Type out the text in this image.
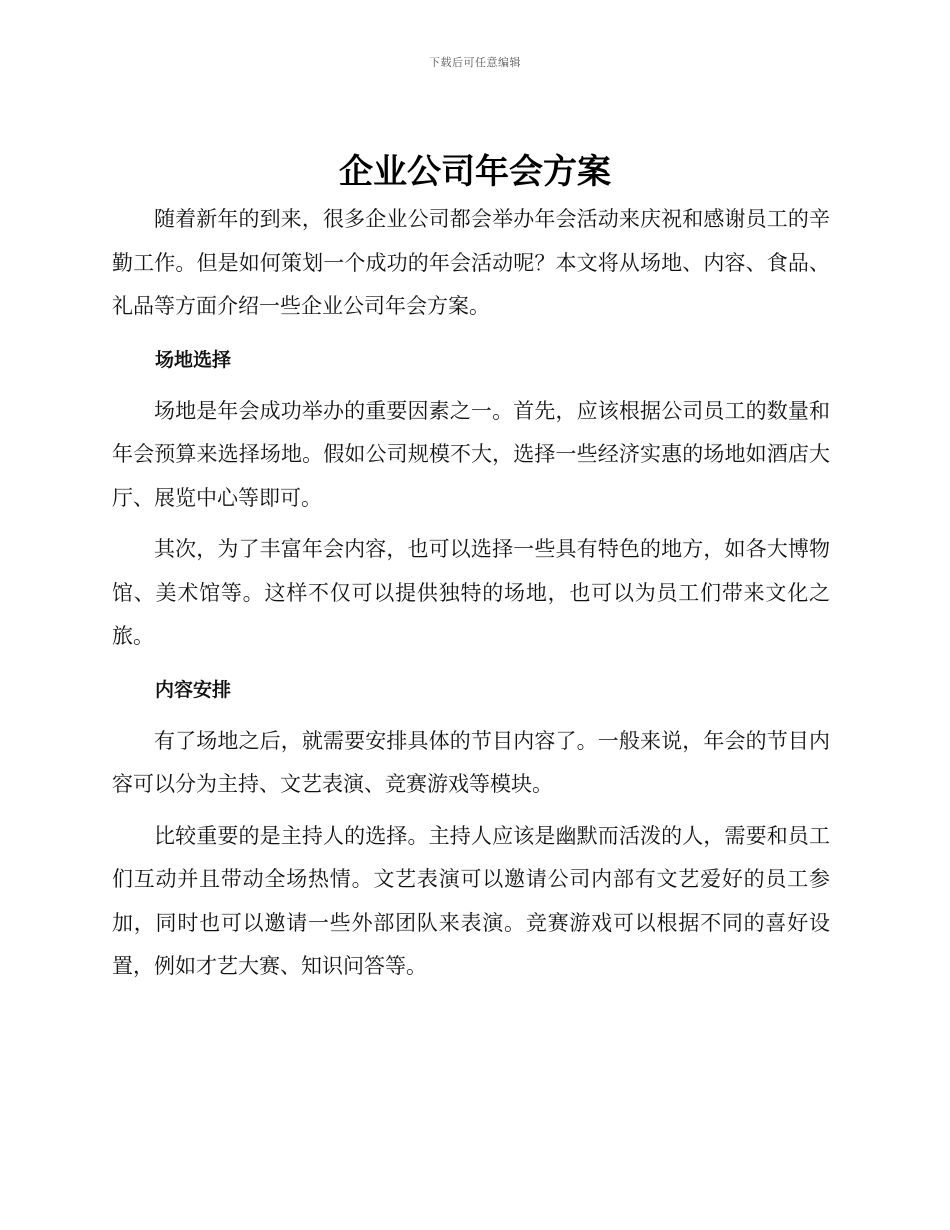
下载后可任意编辑
企业公司年会方案

随着新年的到来，很多企业公司都会举办年会活动来庆祝和感谢员工的辛勤工作。但是如何策划一个成功的年会活动呢？本文将从场地、内容、食品、礼品等方面介绍一些企业公司年会方案。

场地选择

场地是年会成功举办的重要因素之一。首先，应该根据公司员工的数量和年会预算来选择场地。假如公司规模不大，选择一些经济实惠的场地如酒店大厅、展览中心等即可。

其次，为了丰富年会内容，也可以选择一些具有特色的地方，如各大博物馆、美术馆等。这样不仅可以提供独特的场地，也可以为员工们带来文化之旅。

内容安排

有了场地之后，就需要安排具体的节目内容了。一般来说，年会的节目内容可以分为主持、文艺表演、竞赛游戏等模块。

比较重要的是主持人的选择。主持人应该是幽默而活泼的人，需要和员工们互动并且带动全场热情。文艺表演可以邀请公司内部有文艺爱好的员工参加，同时也可以邀请一些外部团队来表演。竞赛游戏可以根据不同的喜好设置，例如才艺大赛、知识问答等。
